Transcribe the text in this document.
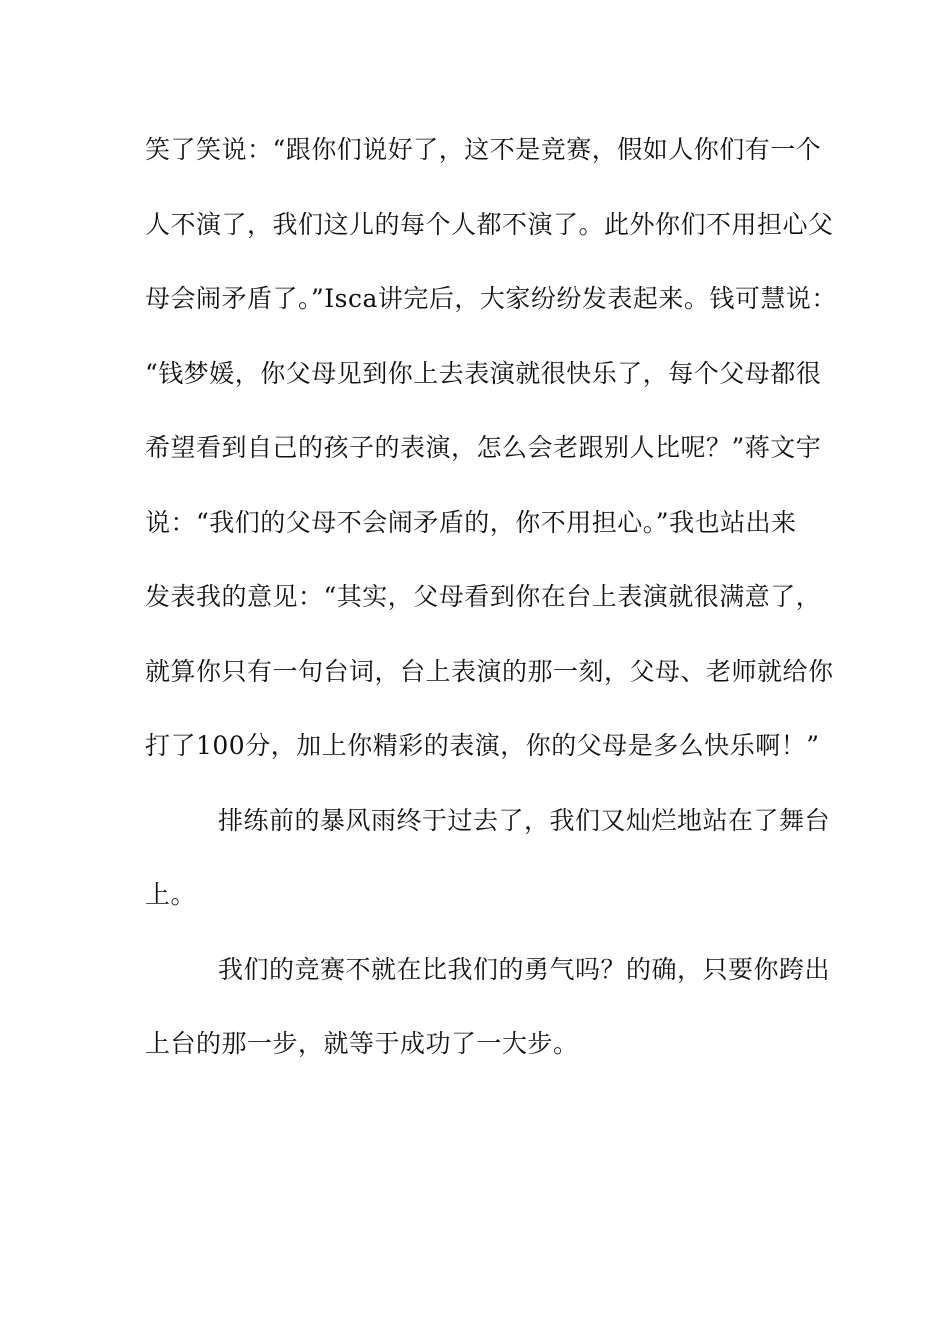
笑了笑说：“跟你们说好了，这不是竞赛，假如人你们有一个
人不演了，我们这儿的每个人都不演了。此外你们不用担心父
母会闹矛盾了。”Isca讲完后，大家纷纷发表起来。钱可慧说：
“钱梦媛，你父母见到你上去表演就很快乐了，每个父母都很
希望看到自己的孩子的表演，怎么会老跟别人比呢？”蒋文宇
说：“我们的父母不会闹矛盾的，你不用担心。”我也站出来
发表我的意见：“其实，父母看到你在台上表演就很满意了，
就算你只有一句台词，台上表演的那一刻，父母、老师就给你
打了100分，加上你精彩的表演，你的父母是多么快乐啊！”
排练前的暴风雨终于过去了，我们又灿烂地站在了舞台
上。
我们的竞赛不就在比我们的勇气吗？的确，只要你跨出
上台的那一步，就等于成功了一大步。
